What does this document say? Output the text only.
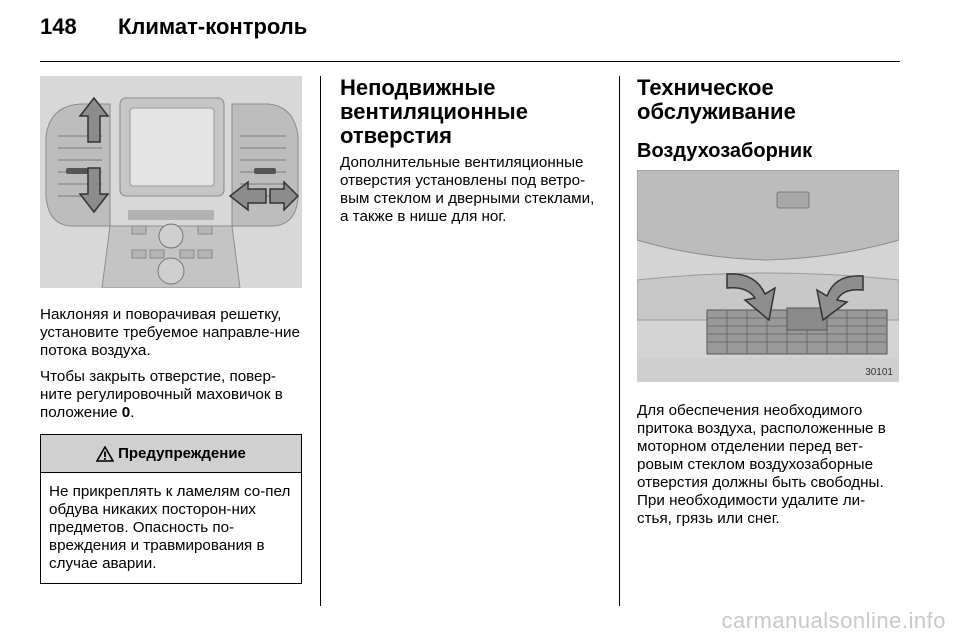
148 Климат-контроль

Наклоняя и поворачивая решетку, установите требуемое направле-ние потока воздуха.

Чтобы закрыть отверстие, повер-ните регулировочный маховичок в положение 0.

Предупреждение

Не прикреплять к ламелям со-пел обдува никаких посторон-них предметов. Опасность по-вреждения и травмирования в случае аварии.

Неподвижные вентиляционные отверстия

Дополнительные вентиляционные отверстия установлены под ветро-вым стеклом и дверными стеклами, а также в нише для ног.

Техническое обслуживание
Воздухозаборник
30101

Для обеспечения необходимого притока воздуха, расположенные в моторном отделении перед вет-ровым стеклом воздухозаборные отверстия должны быть свободны. При необходимости удалите ли-стья, грязь или снег.

carmanualsonline.info
